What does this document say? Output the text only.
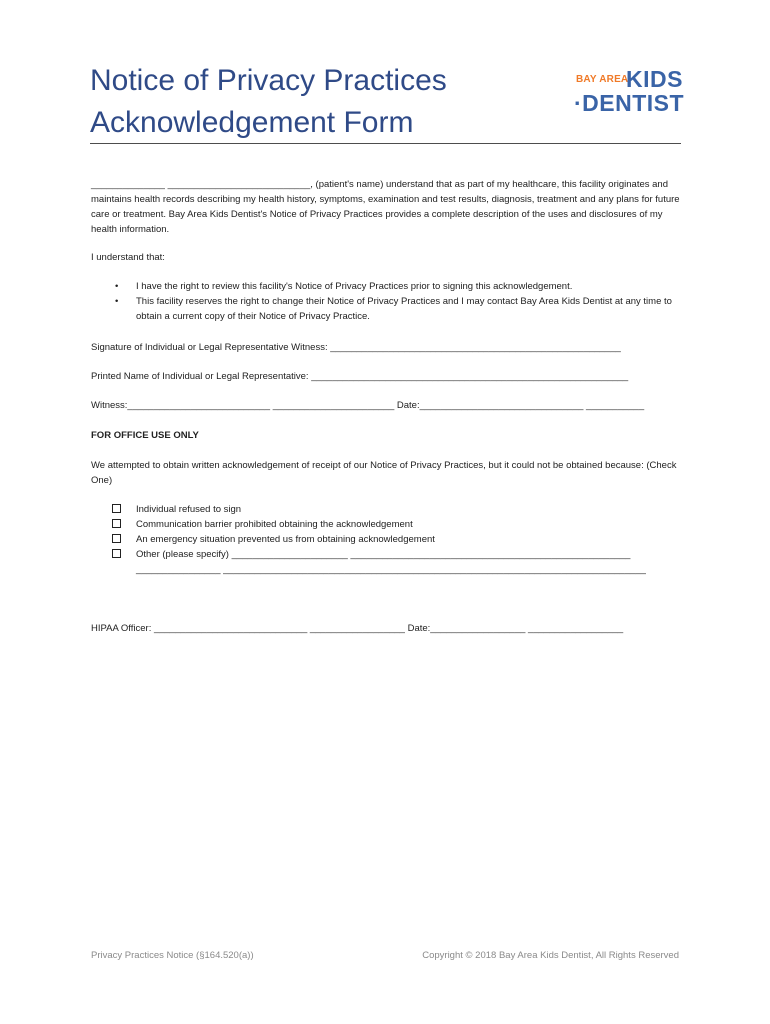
Notice of Privacy Practices
Acknowledgement Form
BAY AREA
KIDS
·DENTIST
______________ ___________________________, (patient's name) understand that as part of my healthcare, this facility originates and maintains health records describing my health history, symptoms, examination and test results, diagnosis, treatment and any plans for future care or treatment. Bay Area Kids Dentist's Notice of Privacy Practices provides a complete description of the uses and disclosures of my health information.
I understand that:
• I have the right to review this facility's Notice of Privacy Practices prior to signing this acknowledgement.
• This facility reserves the right to change their Notice of Privacy Practices and I may contact Bay Area Kids Dentist at any time to obtain a current copy of their Notice of Privacy Practice.
Signature of Individual or Legal Representative Witness: _______________________________________________________
Printed Name of Individual or Legal Representative: ____________________________________________________________
Witness:___________________________ _______________________ Date:_______________________________ ___________
FOR OFFICE USE ONLY
We attempted to obtain written acknowledgement of receipt of our Notice of Privacy Practices, but it could not be obtained because: (Check One)
Individual refused to sign
Communication barrier prohibited obtaining the acknowledgement
An emergency situation prevented us from obtaining acknowledgement
Other (please specify) ______________________ _____________________________________________________
________________ ________________________________________________________________________________
HIPAA Officer: _____________________________ __________________ Date:__________________ __________________
Privacy Practices Notice (§164.520(a))	Copyright © 2018 Bay Area Kids Dentist, All Rights Reserved
